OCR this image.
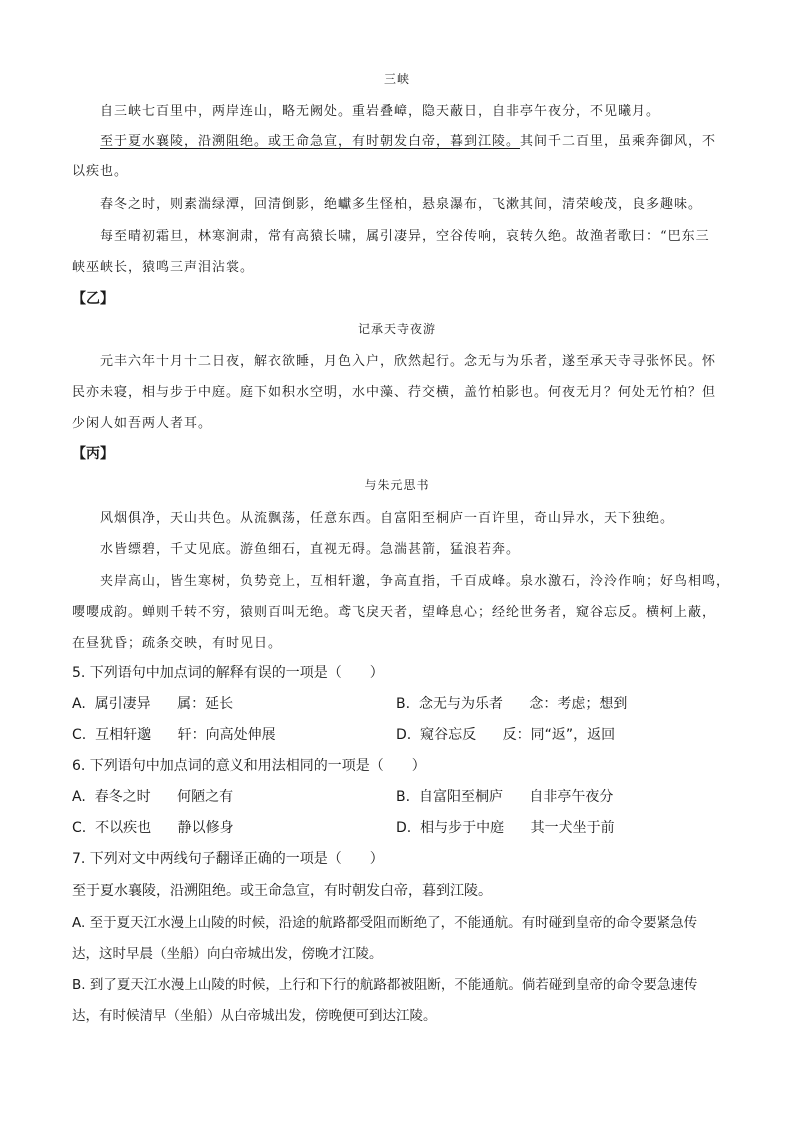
三峡
自三峡七百里中，两岸连山，略无阙处。重岩叠嶂，隐天蔽日，自非亭午夜分，不见曦月。
至于夏水襄陵，沿溯阻绝。或王命急宣，有时朝发白帝，暮到江陵。其间千二百里，虽乘奔御风，不
以疾也。
春冬之时，则素湍绿潭，回清倒影，绝巘多生怪柏，悬泉瀑布，飞漱其间，清荣峻茂，良多趣味。
每至晴初霜旦，林寒涧肃，常有高猿长啸，属引凄异，空谷传响，哀转久绝。故渔者歌曰：“巴东三
峡巫峡长，猿鸣三声泪沾裳。
【乙】
记承天寺夜游
元丰六年十月十二日夜，解衣欲睡，月色入户，欣然起行。念无与为乐者，遂至承天寺寻张怀民。怀
民亦未寝，相与步于中庭。庭下如积水空明，水中藻、荇交横，盖竹柏影也。何夜无月？何处无竹柏？但
少闲人如吾两人者耳。
【丙】
与朱元思书
风烟俱净，天山共色。从流飘荡，任意东西。自富阳至桐庐一百许里，奇山异水，天下独绝。
水皆缥碧，千丈见底。游鱼细石，直视无碍。急湍甚箭，猛浪若奔。
夹岸高山，皆生寒树，负势竞上，互相轩邈，争高直指，千百成峰。泉水激石，泠泠作响；好鸟相鸣，
嘤嘤成韵。蝉则千转不穷，猿则百叫无绝。鸢飞戾天者，望峰息心；经纶世务者，窥谷忘反。横柯上蔽，
在昼犹昏；疏条交映，有时见日。
5. 下列语句中加点词的解释有误的一项是（　　）
A. 属引凄异 属：延长	B. 念无与为乐者 念：考虑；想到
C. 互相轩邈 轩：向高处伸展	D. 窥谷忘反 反：同“返”，返回
6. 下列语句中加点词的意义和用法相同的一项是（　　）
A. 春冬之时 何陋之有	B. 自富阳至桐庐 自非亭午夜分
C. 不以疾也 静以修身	D. 相与步于中庭 其一犬坐于前
7. 下列对文中两线句子翻译正确的一项是（　　）
至于夏水襄陵，沿溯阻绝。或王命急宣，有时朝发白帝，暮到江陵。
A. 至于夏天江水漫上山陵的时候，沿途的航路都受阻而断绝了，不能通航。有时碰到皇帝的命令要紧急传
达，这时早晨（坐船）向白帝城出发，傍晚才江陵。
B. 到了夏天江水漫上山陵的时候，上行和下行的航路都被阻断，不能通航。倘若碰到皇帝的命令要急速传
达，有时候清早（坐船）从白帝城出发，傍晚便可到达江陵。
